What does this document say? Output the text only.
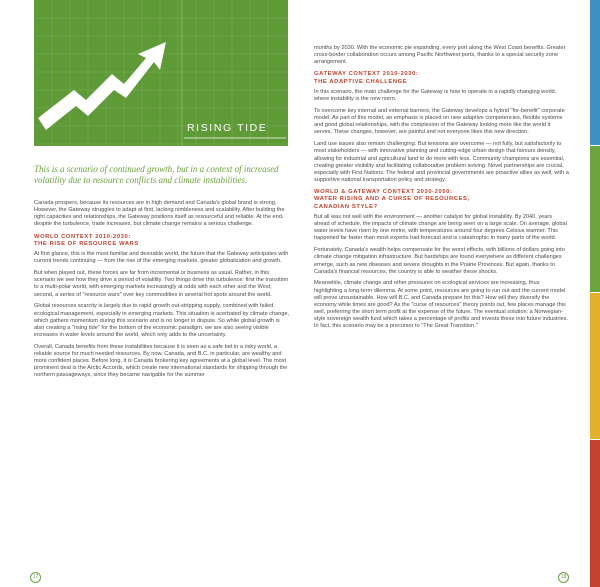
RISING TIDE
This is a scenario of continued growth, but in a context of increased volatility due to resource conflicts and climate instabilities.

Canada prospers, because its resources are in high demand and Canada's global brand is strong. However, the Gateway struggles to adapt at first, lacking nimbleness and scalability. After building the right capacities and relationships, the Gateway positions itself as resourceful and reliable. At the end, despite the turbulence, trade increases, but climate change remains a serious challenge.

WORLD CONTEXT 2010-2030:
THE RISE OF RESOURCE WARS

At first glance, this is the most familiar and desirable world, the future that the Gateway anticipates with current trends continuing — from the rise of the emerging markets, greater globalization and growth.

But when played out, these forces are far from incremental or business as usual. Rather, in this scenario we see how they drive a period of volatility. Two things drive this turbulence: first the transition to a multi-polar world, with emerging markets increasingly at odds with each other and the West; second, a series of "resource wars" over key commodities in several hot spots around the world.

Global resources scarcity is largely due to rapid growth out-stripping supply, combined with failed ecological management, especially in emerging markets. This situation is acerbated by climate change, which gathers momentum during this scenario and is no longer in dispute. So while global growth is also creating a "rising tide" for the bottom of the economic paradigm, we are also seeing visible increases in water levels around the world, which only adds to the uncertainty.

Overall, Canada benefits from these instabilities because it is seen as a safe bet in a risky world, a reliable source for much needed resources. By now, Canada, and B.C. in particular, are wealthy and more confident places. Before long, it is Canada brokering key agreements at a global level. The most prominent deal is the Arctic Accords, which create new international standards for shipping through the northern passageways, since they became navigable for the summer

months by 2030. With the economic pie expanding, every port along the West Coast benefits. Greater cross-border collaboration occurs among Pacific Northwest ports, thanks to a special security zone arrangement.

GATEWAY CONTEXT 2010-2030:
THE ADAPTIVE CHALLENGE

In this scenario, the main challenge for the Gateway is how to operate in a rapidly changing world, where instability is the new norm.

To overcome key internal and external barriers, the Gateway develops a hybrid "for-benefit" corporate model. As part of this model, an emphasis is placed on new adaptive competencies, flexible systems and good global relationships, with the complexion of the Gateway looking more like the world it serves. These changes, however, are painful and not everyone likes this new direction.

Land use issues also remain challenging. But tensions are overcome — not fully, but satisfactorily to most stakeholders — with innovative planning and cutting-edge urban design that favours density, allowing for industrial and agricultural land to do more with less. Community champions are essential, creating greater visibility and facilitating collaborative problem solving. Novel partnerships are crucial, especially with First Nations. The federal and provincial governments are proactive allies as well, with a supportive national transportation policy and strategy.

WORLD & GATEWAY CONTEXT 2030-2050:
WATER RISING AND A CURSE OF RESOURCES,
CANADIAN STYLE?

But all was not well with the environment — another catalyst for global instability. By 2040, years ahead of schedule, the impacts of climate change are being seen on a large scale. On average, global water levels have risen by one metre, with temperatures around four degrees Celsius warmer. This happened far faster than most experts had forecast and is catastrophic in many parts of the world.

Fortunately, Canada's wealth helps compensate for the worst effects, with billions of dollars going into climate change mitigation infrastructure. But hardships are found everywhere as different challenges emerge, such as new diseases and severe droughts in the Prairie Provinces. But again, thanks to Canada's financial resources, the country is able to weather these shocks.

Meanwhile, climate change and other pressures on ecological services are increasing, thus highlighting a long-term dilemma. At some point, resources are going to run out and the current model will prove unsustainable. How will B.C. and Canada prepare for this? How will they diversify the economy while times are good? As the "curse of resources" theory points out, few places manage this well, preferring the short term profit at the expense of the future. The eventual solution: a Norwegian-style sovereign wealth fund which takes a percentage of profits and invests these into future industries. In fact, this scenario may be a precursor to "The Great Transition."

17	18
